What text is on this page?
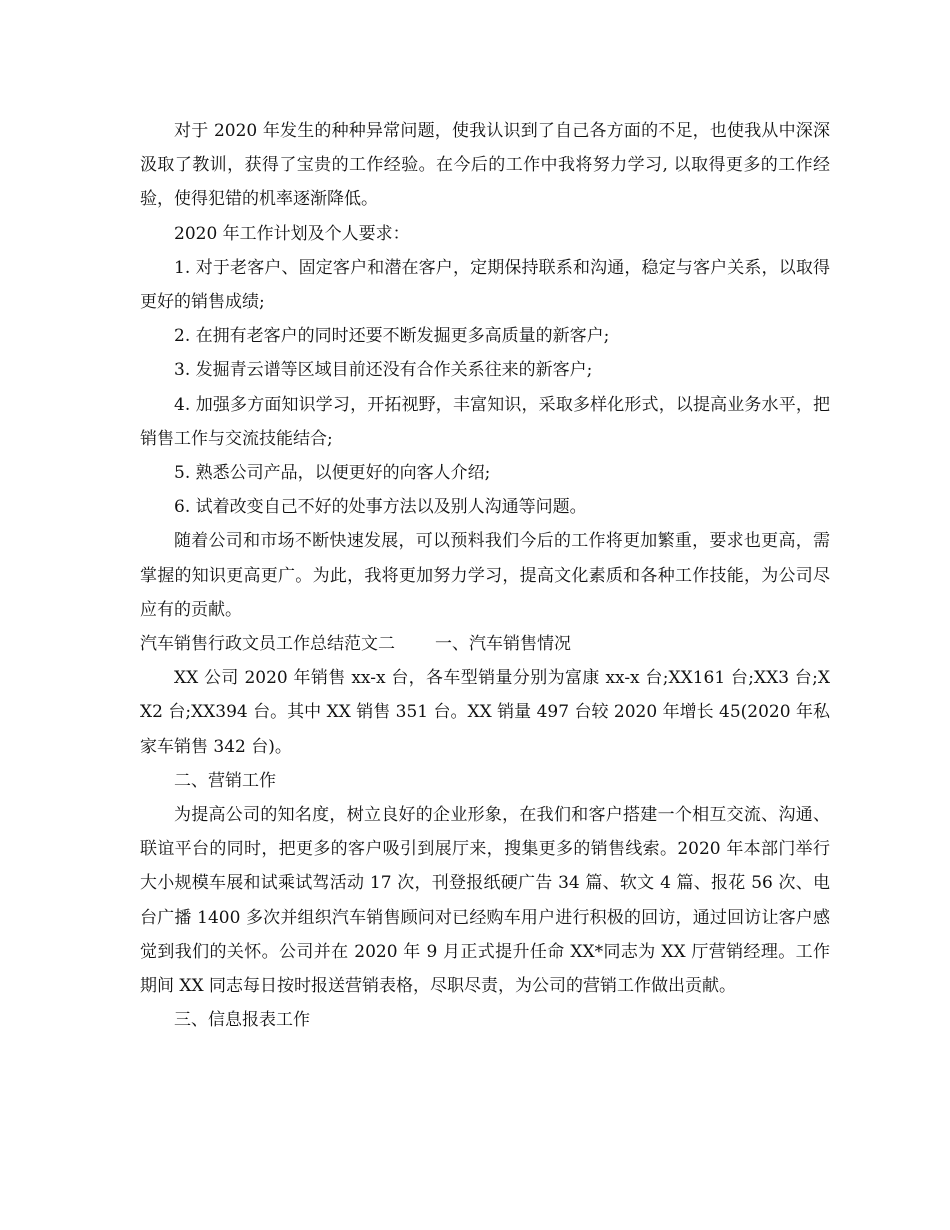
对于 2020 年发生的种种异常问题，使我认识到了自己各方面的不足，也使我从中深深汲取了教训，获得了宝贵的工作经验。在今后的工作中我将努力学习, 以取得更多的工作经验，使得犯错的机率逐渐降低。

2020 年工作计划及个人要求：

1. 对于老客户、固定客户和潜在客户，定期保持联系和沟通，稳定与客户关系，以取得更好的销售成绩;

2. 在拥有老客户的同时还要不断发掘更多高质量的新客户;

3. 发掘青云谱等区域目前还没有合作关系往来的新客户;

4. 加强多方面知识学习，开拓视野，丰富知识，采取多样化形式，以提高业务水平，把销售工作与交流技能结合;

5. 熟悉公司产品，以便更好的向客人介绍;

6. 试着改变自己不好的处事方法以及别人沟通等问题。

随着公司和市场不断快速发展，可以预料我们今后的工作将更加繁重，要求也更高，需掌握的知识更高更广。为此，我将更加努力学习，提高文化素质和各种工作技能，为公司尽应有的贡献。

汽车销售行政文员工作总结范文二 一、汽车销售情况

XX 公司 2020 年销售 xx-x 台，各车型销量分别为富康 xx-x 台;XX161 台;XX3 台;XX2 台;XX394 台。其中 XX 销售 351 台。XX 销量 497 台较 2020 年增长 45(2020 年私家车销售 342 台)。

二、营销工作

为提高公司的知名度，树立良好的企业形象，在我们和客户搭建一个相互交流、沟通、联谊平台的同时，把更多的客户吸引到展厅来，搜集更多的销售线索。2020 年本部门举行大小规模车展和试乘试驾活动 17 次，刊登报纸硬广告 34 篇、软文 4 篇、报花 56 次、电台广播 1400 多次并组织汽车销售顾问对已经购车用户进行积极的回访，通过回访让客户感觉到我们的关怀。公司并在 2020 年 9 月正式提升任命 XX*同志为 XX 厅营销经理。工作期间 XX 同志每日按时报送营销表格，尽职尽责，为公司的营销工作做出贡献。

三、信息报表工作
